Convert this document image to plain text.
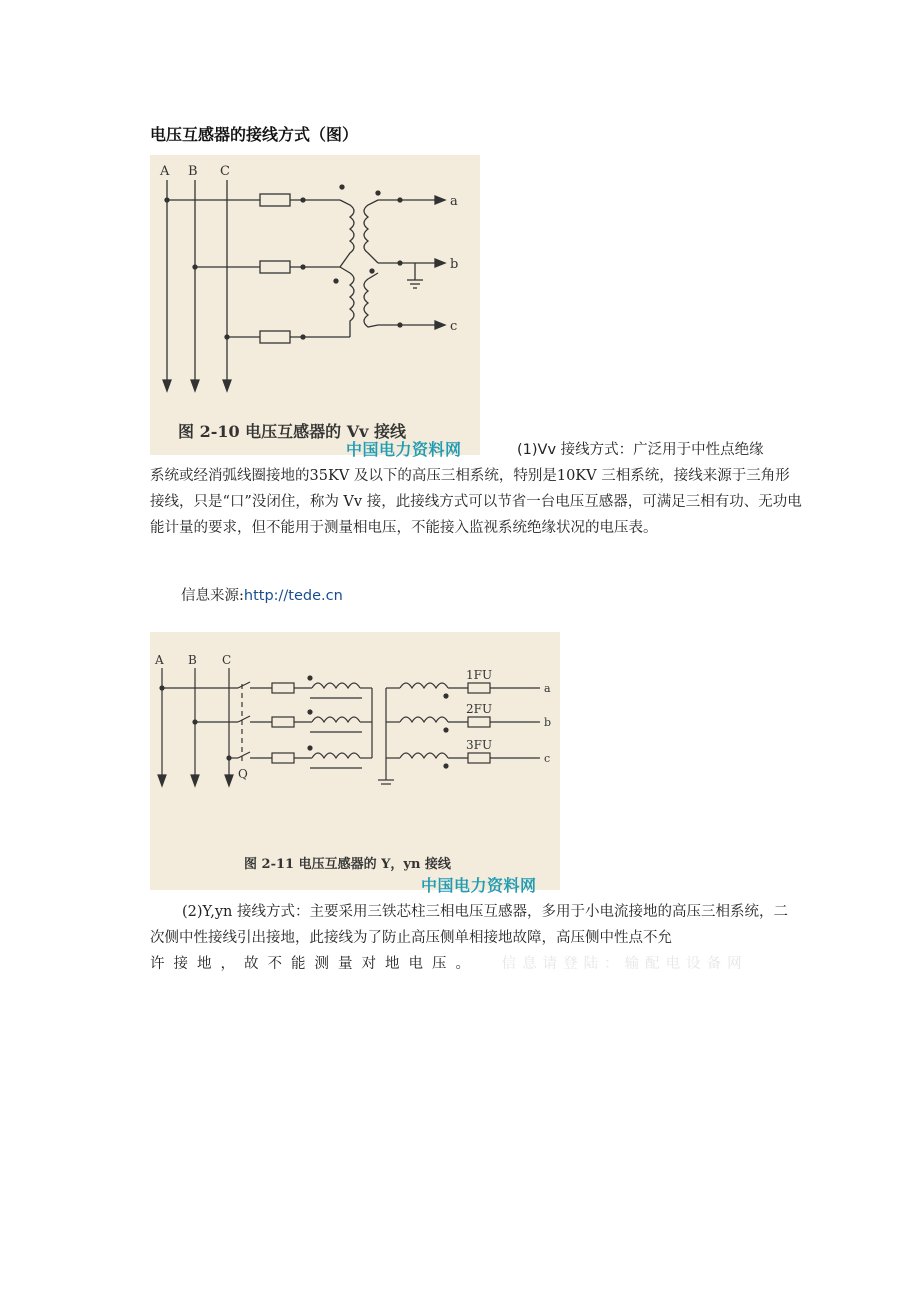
电压互感器的接线方式（图）
A B C
a
b
c
图 2-10 电压互感器的 Vv 接线
中国电力资料网	(1)Vv 接线方式：广泛用于中性点绝缘
系统或经消弧线圈接地的35KV 及以下的高压三相系统，特别是10KV 三相系统，接线来源于三角形接线，只是“口”没闭住，称为 Vv 接，此接线方式可以节省一台电压互感器，可满足三相有功、无功电能计量的要求，但不能用于测量相电压，不能接入监视系统绝缘状况的电压表。
信息来源:http://tede.cn
A B C
Q
1FU
2FU
3FU
a
b
c
图 2-11 电压互感器的 Y，yn 接线
中国电力资料网
(2)Y,yn 接线方式：主要采用三铁芯柱三相电压互感器，多用于小电流接地的高压三相系统，二次侧中性接线引出接地，此接线为了防止高压侧单相接地故障，高压侧中性点不允
许接地，故不能测量对地电压。 信息请登陆：输配电设备网
